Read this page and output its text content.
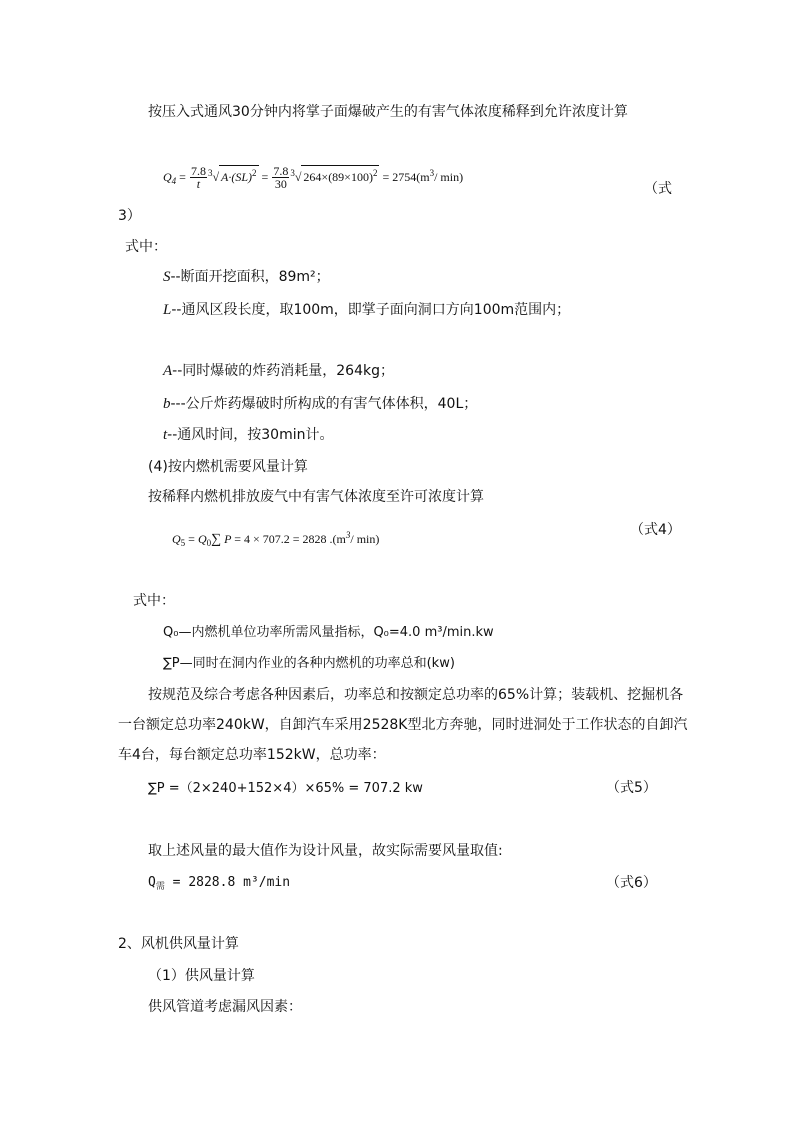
按压入式通风30分钟内将掌子面爆破产生的有害气体浓度稀释到允许浓度计算
$Q_4 = \frac{7.8}{t} ^3√$ $A\cdot(SL)^2 = \frac{7.8}{30} ^3√$ $264\times(89\times 100)^2 = 2754(m^3/$ min)
（式
3）
式中：
S--断面开挖面积，89m²；
L--通风区段长度，取100m，即掌子面向洞口方向100m范围内；
A--同时爆破的炸药消耗量，264kg；
b---公斤炸药爆破时所构成的有害气体体积，40L；
t--通风时间，按30min计。
(4)按内燃机需要风量计算
按稀释内燃机排放废气中有害气体浓度至许可浓度计算
$Q_5 = Q_0\sum$ P = 4 × 707.2 = 2828 $.(m^3/$ min)
（式4）
式中：
Q₀—内燃机单位功率所需风量指标，Q₀=4.0 m³/min.kw
∑P—同时在洞内作业的各种内燃机的功率总和(kw)
按规范及综合考虑各种因素后，功率总和按额定总功率的65%计算；装载机、挖掘机各
一台额定总功率240kW，自卸汽车采用2528K型北方奔驰，同时进洞处于工作状态的自卸汽
车4台，每台额定总功率152kW，总功率：
∑P =（2×240+152×4）×65% = 707.2 kw	（式5）
取上述风量的最大值作为设计风量，故实际需要风量取值:
$Q_需 = 2828.8$ m³/min	（式6）
2、风机供风量计算
（1）供风量计算
供风管道考虑漏风因素：
